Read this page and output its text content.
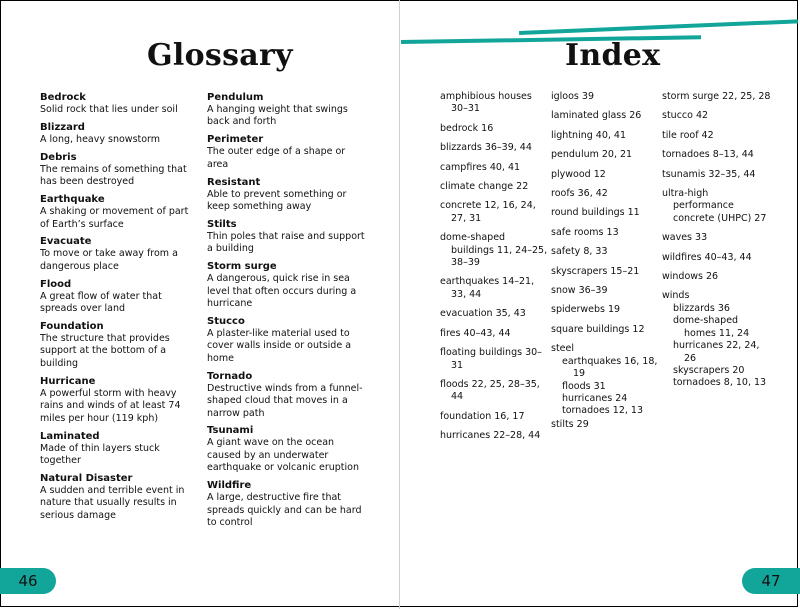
Glossary	Index
Bedrock
Solid rock that lies under soil
Blizzard
A long, heavy snowstorm
Debris
The remains of something that has been destroyed
Earthquake
A shaking or movement of part of Earth’s surface
Evacuate
To move or take away from a dangerous place
Flood
A great flow of water that spreads over land
Foundation
The structure that provides support at the bottom of a building
Hurricane
A powerful storm with heavy rains and winds of at least 74 miles per hour (119 kph)
Laminated
Made of thin layers stuck together
Natural Disaster
A sudden and terrible event in nature that usually results in serious damage
Pendulum
A hanging weight that swings back and forth
Perimeter
The outer edge of a shape or area
Resistant
Able to prevent something or keep something away
Stilts
Thin poles that raise and support a building
Storm surge
A dangerous, quick rise in sea level that often occurs during a hurricane
Stucco
A plaster-like material used to cover walls inside or outside a home
Tornado
Destructive winds from a funnel-shaped cloud that moves in a narrow path
Tsunami
A giant wave on the ocean caused by an underwater earthquake or volcanic eruption
Wildfire
A large, destructive fire that spreads quickly and can be hard to control
amphibious houses 30–31
bedrock 16
blizzards 36–39, 44
campfires 40, 41
climate change 22
concrete 12, 16, 24, 27, 31
dome-shaped buildings 11, 24–25, 38–39
earthquakes 14–21, 33, 44
evacuation 35, 43
fires 40–43, 44
floating buildings 30–31
floods 22, 25, 28–35, 44
foundation 16, 17
hurricanes 22–28, 44
igloos 39
laminated glass 26
lightning 40, 41
pendulum 20, 21
plywood 12
roofs 36, 42
round buildings 11
safe rooms 13
safety 8, 33
skyscrapers 15–21
snow 36–39
spiderwebs 19
square buildings 12
steel
earthquakes 16, 18, 19
floods 31
hurricanes 24
tornadoes 12, 13
stilts 29
storm surge 22, 25, 28
stucco 42
tile roof 42
tornadoes 8–13, 44
tsunamis 32–35, 44
ultra-high performance concrete (UHPC) 27
waves 33
wildfires 40–43, 44
windows 26
winds
blizzards 36
dome-shaped homes 11, 24
hurricanes 22, 24, 26
skyscrapers 20
tornadoes 8, 10, 13
46	47
